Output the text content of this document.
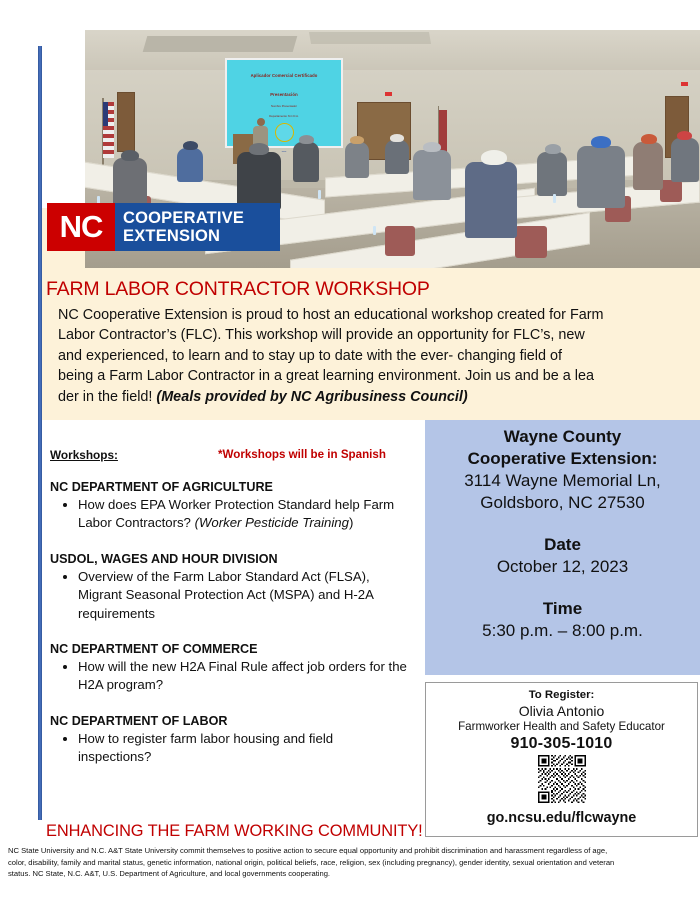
Aplicador Comercial Certificado
Presentación
Nombre Presentador
Departamento N.C.D.A.
www
NC	COOPERATIVE
EXTENSION
FARM LABOR CONTRACTOR WORKSHOP
NC Cooperative Extension is proud to host an educational workshop created for Farm
Labor Contractor’s (FLC). This workshop will provide an opportunity for FLC’s, new
and experienced, to learn and to stay up to date with the ever- changing field of
being a Farm Labor Contractor in a great learning environment. Join us and be a lea
der in the field! (Meals provided by NC Agribusiness Council)
Workshops:	*Workshops will be in Spanish
NC DEPARTMENT OF AGRICULTURE
• How does EPA Worker Protection Standard help Farm Labor Contractors? (Worker Pesticide Training)
USDOL, WAGES AND HOUR DIVISION
• Overview of the Farm Labor Standard Act (FLSA), Migrant Seasonal Protection Act (MSPA) and H-2A requirements
NC DEPARTMENT OF COMMERCE
• How will the new H2A Final Rule affect job orders for the H2A program?
NC DEPARTMENT OF LABOR
• How to register farm labor housing and field inspections?
ENHANCING THE FARM WORKING COMMUNITY!
Wayne County
Cooperative Extension:
3114 Wayne Memorial Ln,
Goldsboro, NC 27530
Date
October 12, 2023
Time
5:30 p.m. – 8:00 p.m.
To Register:
Olivia Antonio
Farmworker Health and Safety Educator
910-305-1010
go.ncsu.edu/flcwayne
NC State University and N.C. A&T State University commit themselves to positive action to secure equal opportunity and prohibit discrimination and harassment regardless of age,
color, disability, family and marital status, genetic information, national origin, political beliefs, race, religion, sex (including pregnancy), gender identity, sexual orientation and veteran
status. NC State, N.C. A&T, U.S. Department of Agriculture, and local governments cooperating.
